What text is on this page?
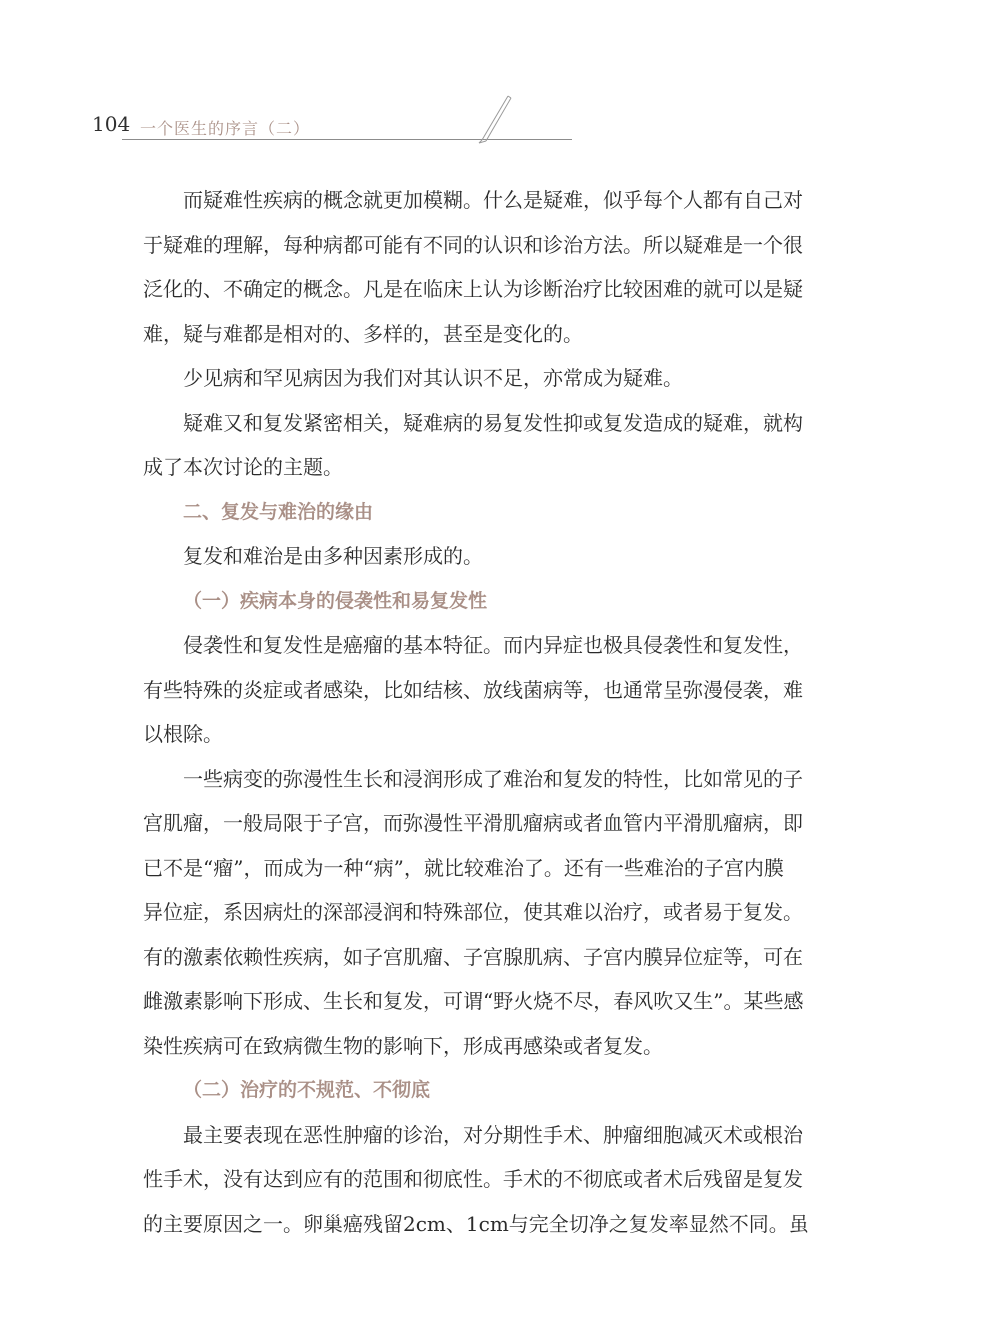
104 一个医生的序言（二）

而疑难性疾病的概念就更加模糊。什么是疑难，似乎每个人都有自己对
于疑难的理解，每种病都可能有不同的认识和诊治方法。所以疑难是一个很
泛化的、不确定的概念。凡是在临床上认为诊断治疗比较困难的就可以是疑
难，疑与难都是相对的、多样的，甚至是变化的。

少见病和罕见病因为我们对其认识不足，亦常成为疑难。

疑难又和复发紧密相关，疑难病的易复发性抑或复发造成的疑难，就构
成了本次讨论的主题。

二、复发与难治的缘由

复发和难治是由多种因素形成的。

（一）疾病本身的侵袭性和易复发性

侵袭性和复发性是癌瘤的基本特征。而内异症也极具侵袭性和复发性，
有些特殊的炎症或者感染，比如结核、放线菌病等，也通常呈弥漫侵袭，难
以根除。

一些病变的弥漫性生长和浸润形成了难治和复发的特性，比如常见的子
宫肌瘤，一般局限于子宫，而弥漫性平滑肌瘤病或者血管内平滑肌瘤病，即
已不是“瘤”，而成为一种“病”，就比较难治了。还有一些难治的子宫内膜
异位症，系因病灶的深部浸润和特殊部位，使其难以治疗，或者易于复发。
有的激素依赖性疾病，如子宫肌瘤、子宫腺肌病、子宫内膜异位症等，可在
雌激素影响下形成、生长和复发，可谓“野火烧不尽，春风吹又生”。某些感
染性疾病可在致病微生物的影响下，形成再感染或者复发。

（二）治疗的不规范、不彻底

最主要表现在恶性肿瘤的诊治，对分期性手术、肿瘤细胞减灭术或根治
性手术，没有达到应有的范围和彻底性。手术的不彻底或者术后残留是复发
的主要原因之一。卵巢癌残留2cm、1cm与完全切净之复发率显然不同。虽
